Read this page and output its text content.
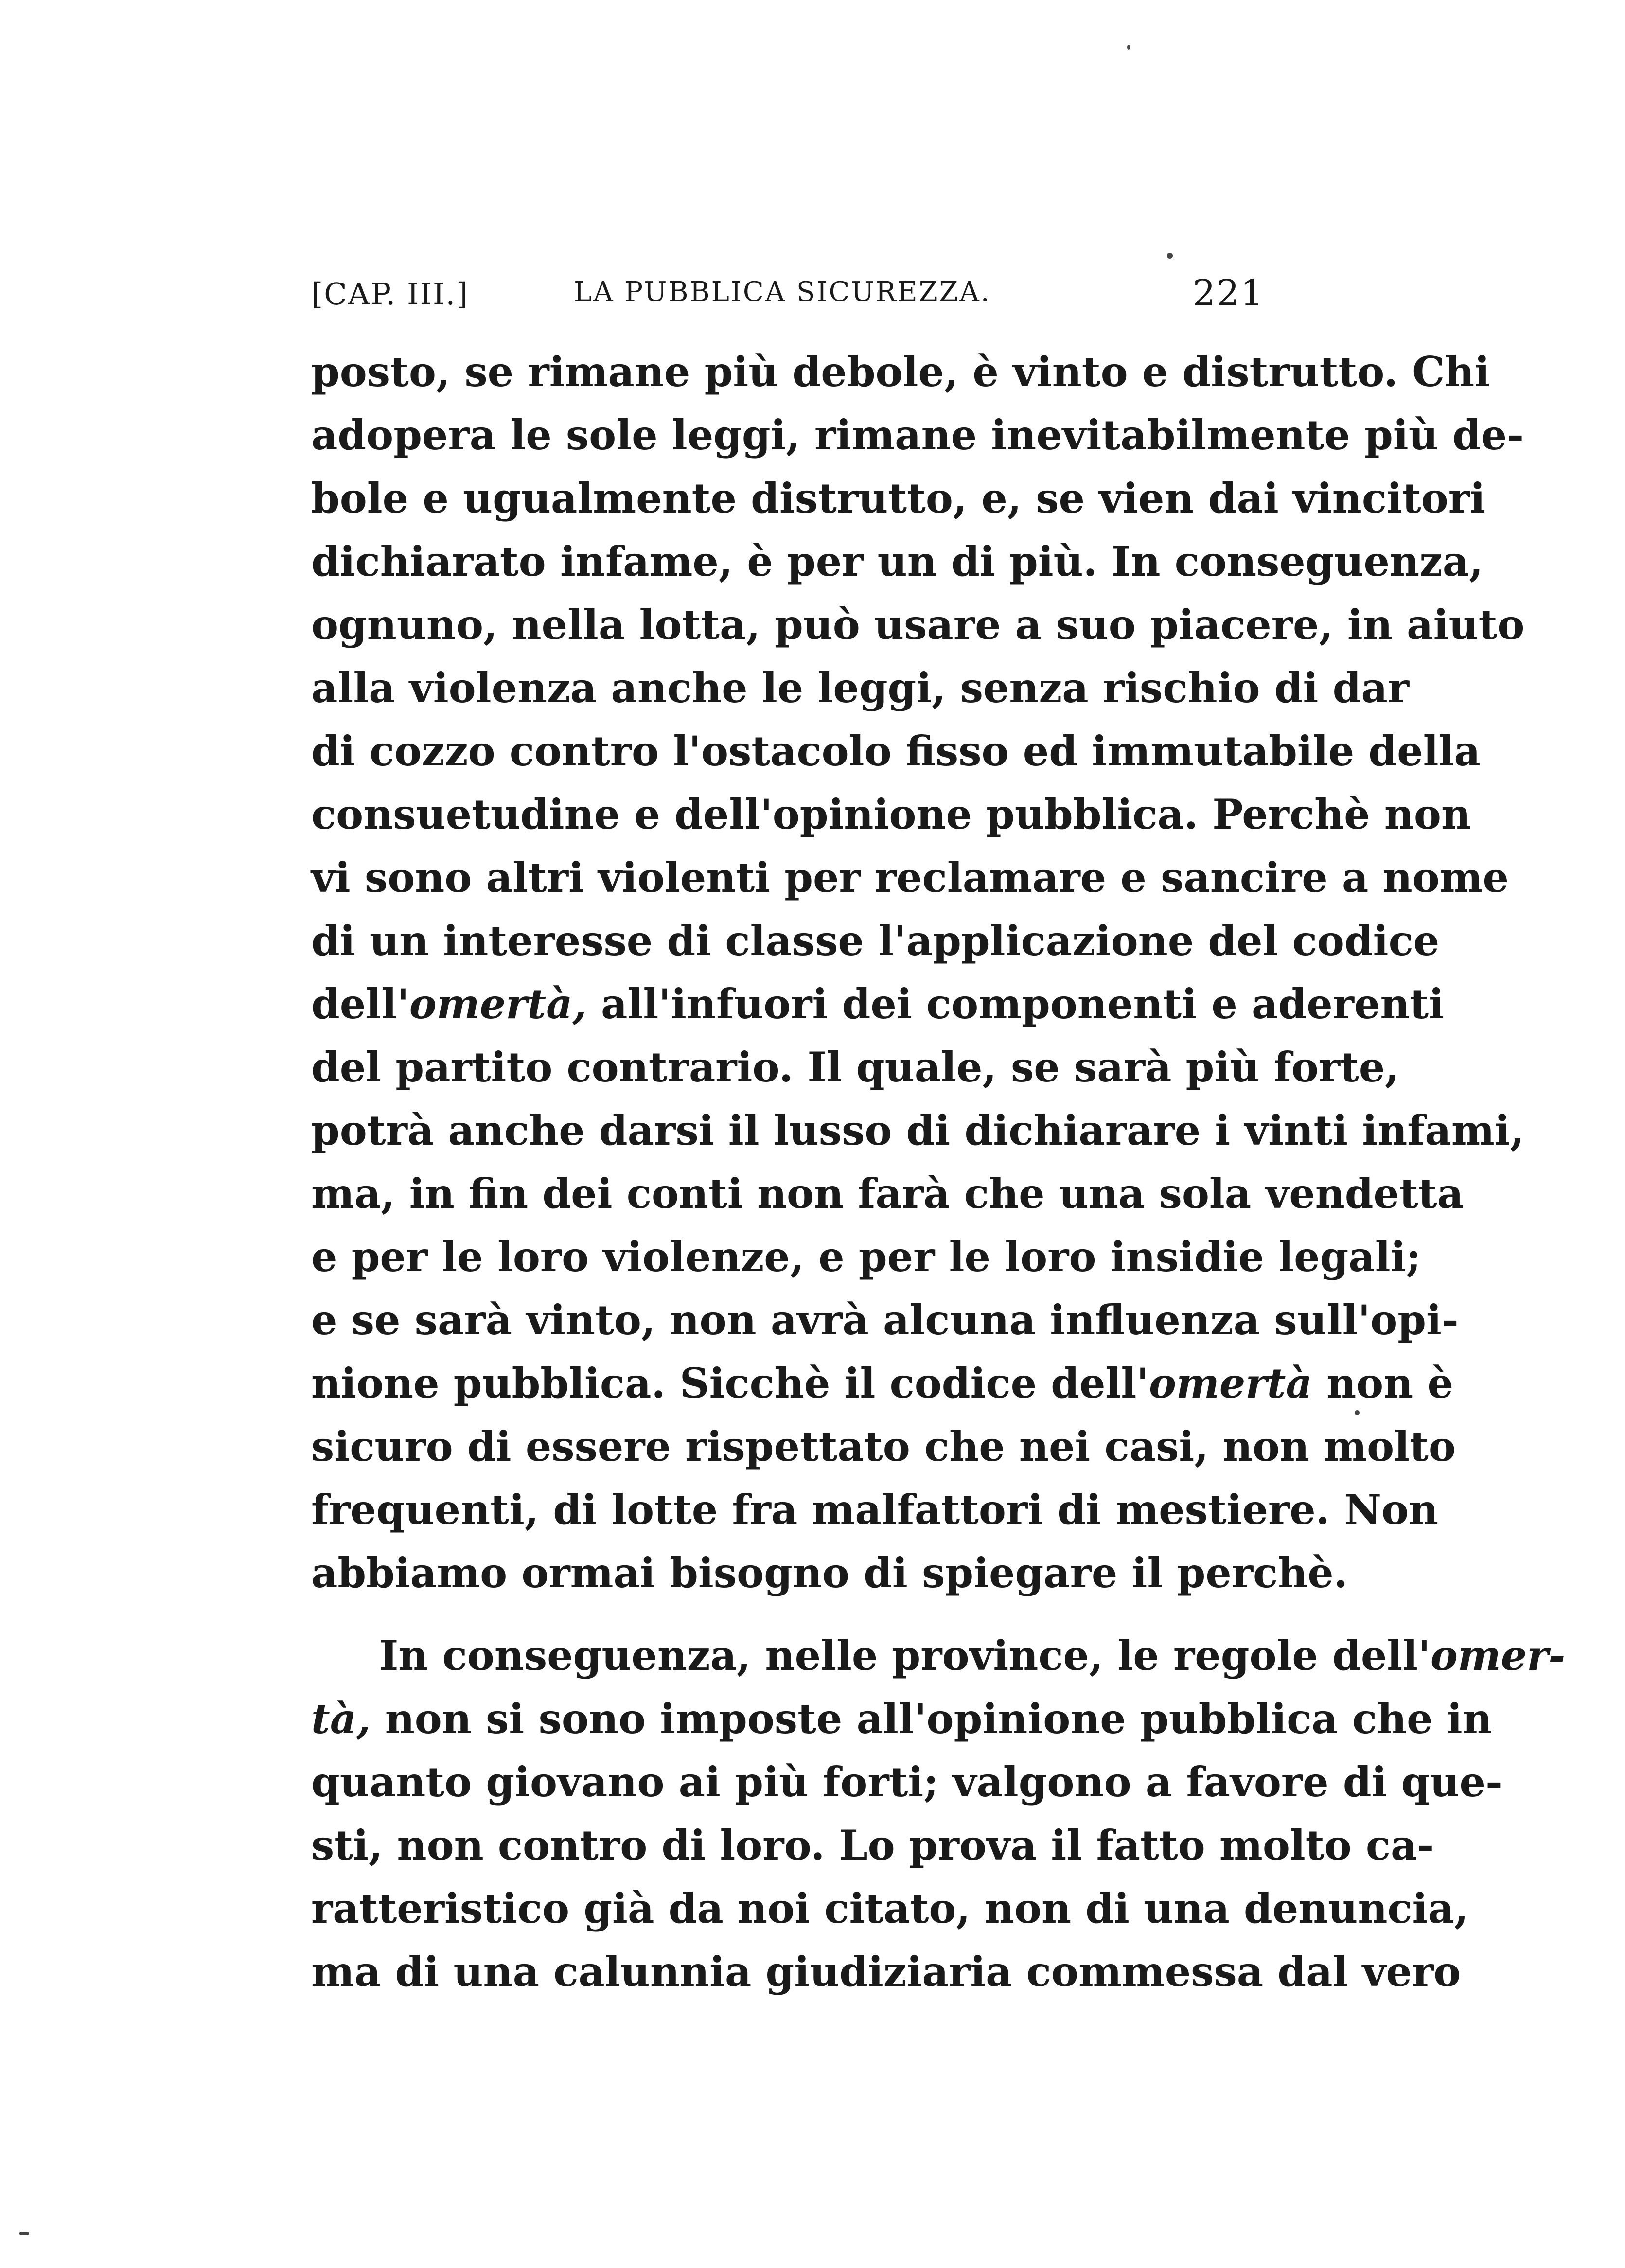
[CAP. III.]	LA PUBBLICA SICUREZZA.	221
posto, se rimane più debole, è vinto e distrutto. Chi
adopera le sole leggi, rimane inevitabilmente più de-
bole e ugualmente distrutto, e, se vien dai vincitori
dichiarato infame, è per un di più. In conseguenza,
ognuno, nella lotta, può usare a suo piacere, in aiuto
alla violenza anche le leggi, senza rischio di dar
di cozzo contro l'ostacolo fisso ed immutabile della
consuetudine e dell'opinione pubblica. Perchè non
vi sono altri violenti per reclamare e sancire a nome
di un interesse di classe l'applicazione del codice
dell'omertà, all'infuori dei componenti e aderenti
del partito contrario. Il quale, se sarà più forte,
potrà anche darsi il lusso di dichiarare i vinti infami,
ma, in fin dei conti non farà che una sola vendetta
e per le loro violenze, e per le loro insidie legali;
e se sarà vinto, non avrà alcuna influenza sull'opi-
nione pubblica. Sicchè il codice dell'omertà non è
sicuro di essere rispettato che nei casi, non molto
frequenti, di lotte fra malfattori di mestiere. Non
abbiamo ormai bisogno di spiegare il perchè.
In conseguenza, nelle province, le regole dell'omer-
tà, non si sono imposte all'opinione pubblica che in
quanto giovano ai più forti; valgono a favore di que-
sti, non contro di loro. Lo prova il fatto molto ca-
ratteristico già da noi citato, non di una denuncia,
ma di una calunnia giudiziaria commessa dal vero
